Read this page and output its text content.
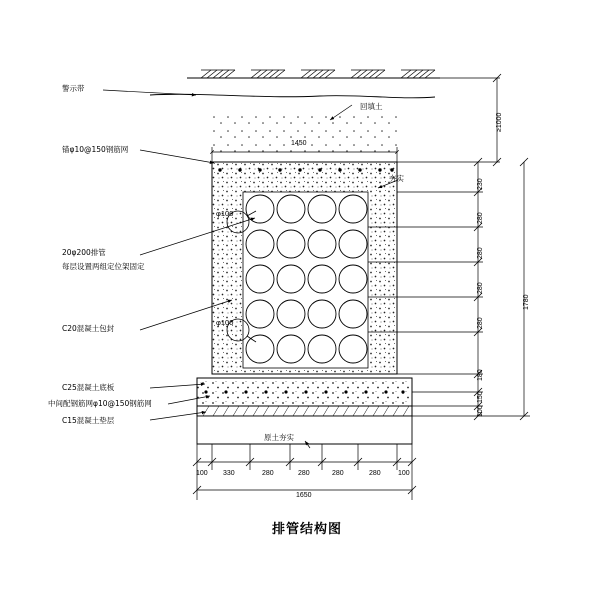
警示带
回填土
锚φ10@150钢筋网
夯实
20φ200排管
每层设置两组定位架固定
C20混凝土包封
C25混凝土底板
中间配钢筋网φ10@150钢筋网
C15混凝土垫层
原土夯实
φ100
φ100
1450
1650
100 330	280	280	280	280 100
≥1000
1780
230
280
280
280
280
180
150
100
排管结构图
